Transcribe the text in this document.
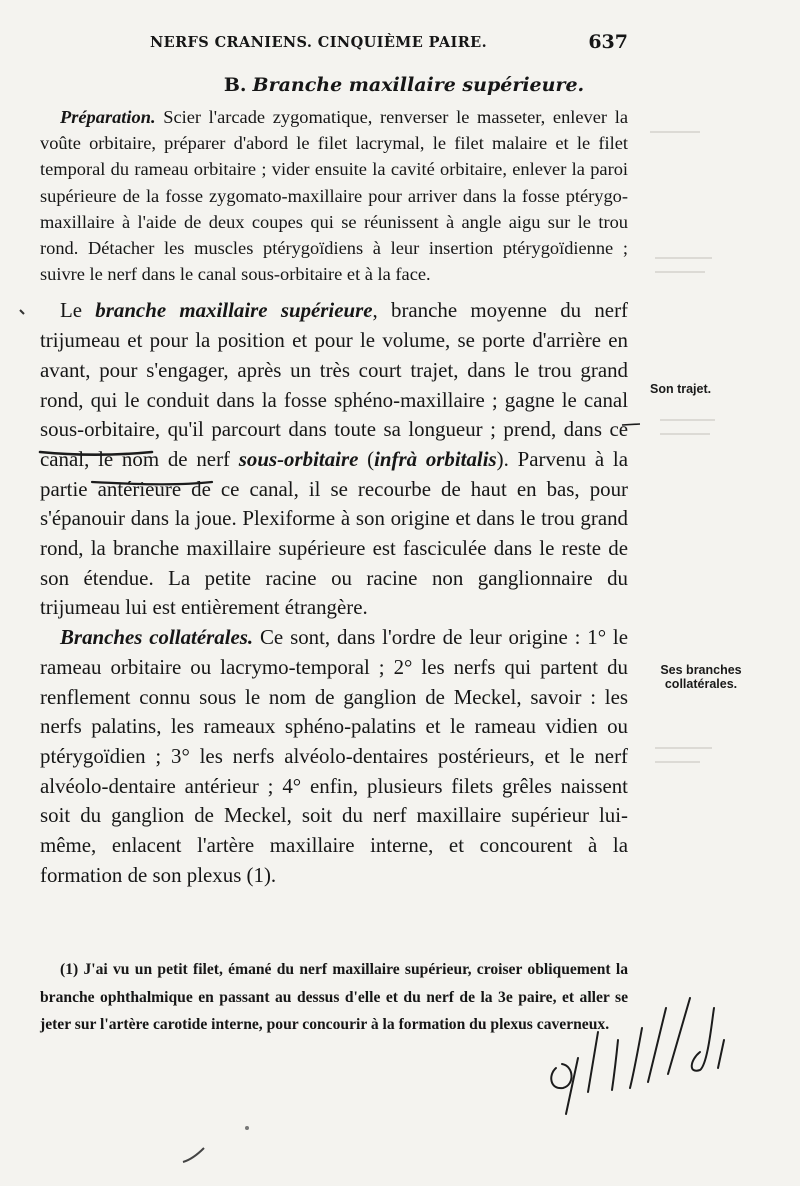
NERFS CRANIENS. CINQUIÈME PAIRE.	637
B. Branche maxillaire supérieure.

Préparation. Scier l'arcade zygomatique, renverser le masseter, enlever la voûte orbitaire, préparer d'abord le filet lacrymal, le filet malaire et le filet temporal du rameau orbitaire ; vider ensuite la cavité orbitaire, enlever la paroi supérieure de la fosse zygomato-maxillaire pour arriver dans la fosse ptérygo-maxillaire à l'aide de deux coupes qui se réunissent à angle aigu sur le trou rond. Détacher les muscles ptérygoïdiens à leur insertion ptérygoïdienne ; suivre le nerf dans le canal sous-orbitaire et à la face.

Le branche maxillaire supérieure, branche moyenne du nerf trijumeau et pour la position et pour le volume, se porte d'arrière en avant, pour s'engager, après un très court trajet, dans le trou grand rond, qui le conduit dans la fosse sphéno-maxillaire ; gagne le canal sous-orbitaire, qu'il parcourt dans toute sa longueur ; prend, dans ce canal, le nom de nerf sous-orbitaire (infrà orbitalis). Parvenu à la partie antérieure de ce canal, il se recourbe de haut en bas, pour s'épanouir dans la joue. Plexiforme à son origine et dans le trou grand rond, la branche maxillaire supérieure est fasciculée dans le reste de son étendue. La petite racine ou racine non ganglionnaire du trijumeau lui est entièrement étrangère.

Branches collatérales. Ce sont, dans l'ordre de leur origine : 1° le rameau orbitaire ou lacrymo-temporal ; 2° les nerfs qui partent du renflement connu sous le nom de ganglion de Meckel, savoir : les nerfs palatins, les rameaux sphéno-palatins et le rameau vidien ou ptérygoïdien ; 3° les nerfs alvéolo-dentaires postérieurs, et le nerf alvéolo-dentaire antérieur ; 4° enfin, plusieurs filets grêles naissent soit du ganglion de Meckel, soit du nerf maxillaire supérieur lui-même, enlacent l'artère maxillaire interne, et concourent à la formation de son plexus (1).

(1) J'ai vu un petit filet, émané du nerf maxillaire supérieur, croiser obliquement la branche ophthalmique en passant au dessus d'elle et du nerf de la 3e paire, et aller se jeter sur l'artère carotide interne, pour concourir à la formation du plexus caverneux.
Son trajet.
Ses branches
collatérales.
